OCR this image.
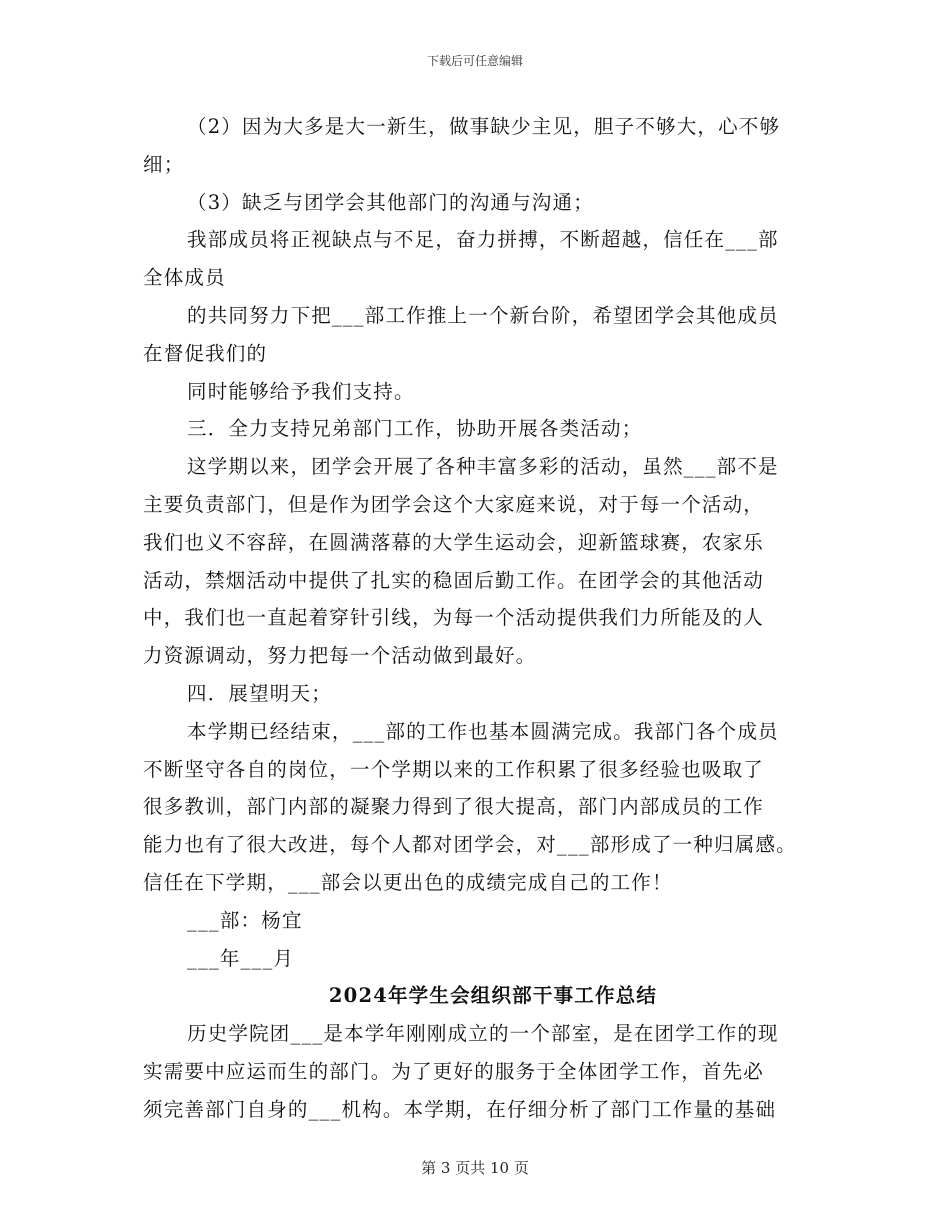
下载后可任意编辑
（2）因为大多是大一新生，做事缺少主见，胆子不够大，心不够
细；
（3）缺乏与团学会其他部门的沟通与沟通；
我部成员将正视缺点与不足，奋力拼搏，不断超越，信任在___部
全体成员
的共同努力下把___部工作推上一个新台阶，希望团学会其他成员
在督促我们的
同时能够给予我们支持。
三．全力支持兄弟部门工作，协助开展各类活动；
这学期以来，团学会开展了各种丰富多彩的活动，虽然___部不是
主要负责部门，但是作为团学会这个大家庭来说，对于每一个活动，
我们也义不容辞，在圆满落幕的大学生运动会，迎新篮球赛，农家乐
活动，禁烟活动中提供了扎实的稳固后勤工作。在团学会的其他活动
中，我们也一直起着穿针引线，为每一个活动提供我们力所能及的人
力资源调动，努力把每一个活动做到最好。
四．展望明天；
本学期已经结束，___部的工作也基本圆满完成。我部门各个成员
不断坚守各自的岗位，一个学期以来的工作积累了很多经验也吸取了
很多教训，部门内部的凝聚力得到了很大提高，部门内部成员的工作
能力也有了很大改进，每个人都对团学会，对___部形成了一种归属感。
信任在下学期，___部会以更出色的成绩完成自己的工作！
___部：杨宜
___年___月
2024年学生会组织部干事工作总结
历史学院团___是本学年刚刚成立的一个部室，是在团学工作的现
实需要中应运而生的部门。为了更好的服务于全体团学工作，首先必
须完善部门自身的___机构。本学期，在仔细分析了部门工作量的基础
第 3 页共 10 页
